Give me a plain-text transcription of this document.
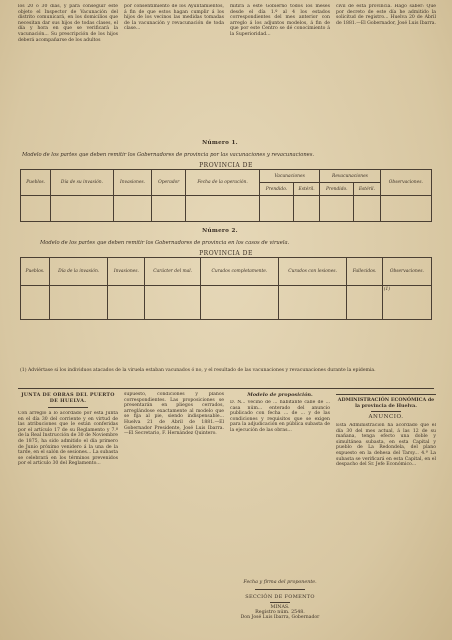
los 20 ó 30 días, y para conseguir este objeto el Inspector de Vacunación del distrito comunicará, en los domicilios que necesitan dar sus hijos de todas clases, el día y hora en que se verificará la vacunación... Su prescripción de los hijos deberá acompañarse de los adultos
por consentimiento de los Ayuntamientos, á fin de que estos hagan cumplir á los hijos de los vecinos las medidas tomadas de la vacunación y revacunación de toda clase...
mitirá á este Gobierno todos los meses desde el día 1.º al 4 los estados correspondientes del mes anterior con arreglo á los adjuntos modelos, á fin de que por este Centro se dé conocimiento á la Superioridad...
civil de esta provincia. Hago saber: Que por decreto de este día he admitido la solicitud de registro... Huelva 20 de Abril de 1881.—El Gobernador, José Luis Ibarra.
Número 1.
Modelo de los partes que deben remitir los Gobernadores de provincia por las vacunaciones y revacunaciones.
PROVINCIA DE
Pueblos.	Día de su invasión.	Invasiones.	Operador	Fecha de la operación.	Vacunaciones		Revacunaciones		Observaciones.
					Prendido.	Estéril.	Prendido.	Estéril.	

Número 2.
Modelo de los partes que deben remitir los Gobernadores de provincia en los casos de viruela.
PROVINCIA DE
Pueblos.	Día de la invasión.	Invasiones.	Carácter del mal.	Curados completamente.	Curados con lesiones.	Fallecidos.	Observaciones.
							(1)
(1) Adviértase si los individuos atacados de la viruela estaban vacunados ó no, y el resultado de las vacunaciones y revacunaciones durante la epidemia.
JUNTA DE OBRAS DEL PUERTO DE HUELVA.
Con arreglo á lo acordado por esta Junta en el día 30 del corriente y en virtud de las atribuciones que le están conferidas por el artículo 17 de su Reglamento y 7.º de la Real Instrucción de 30 de Noviembre de 1875, ha sido admitido el día primero de Junio próximo venidero á la una de la tarde, en el salón de sesiones... La subasta se celebrará en los términos prevenidos por el artículo 30 del Reglamento...
supuesto, condiciones y planos correspondientes. Las proposiciones se presentarán en pliegos cerrados, arreglándose exactamente al modelo que se fija al pie, siendo indispensable... Huelva 21 de Abril de 1881.—El Gobernador Presidente, José Luis Ibarra.—El Secretario, F. Hernández Quintero.
Modelo de proposición.
D. N... vecino de ... habitante calle de ... casa núm... enterado del anuncio publicado con fecha ... de ... y de las condiciones y requisitos que se exigen para la adjudicación en pública subasta de la ejecución de las obras...
Fecha y firma del proponente.
SECCIÓN DE FOMENTO
MINAS.
Registro núm. 2548.
Don José Luis Ibarra, Gobernador
ADMINISTRACIÓN ECONÓMICA de la provincia de Huelva.
ANUNCIO.
Esta Administración ha acordado que el día 30 del mes actual, á las 12 de su mañana, tenga efecto una doble y simultánea subasta, en esta Capital y pueblo de La Redondela, del plano expuesto en la dehesa del Tarsy... 4.ª La subasta se verificará en esta Capital, en el despacho del Sr. Jefe Económico...
